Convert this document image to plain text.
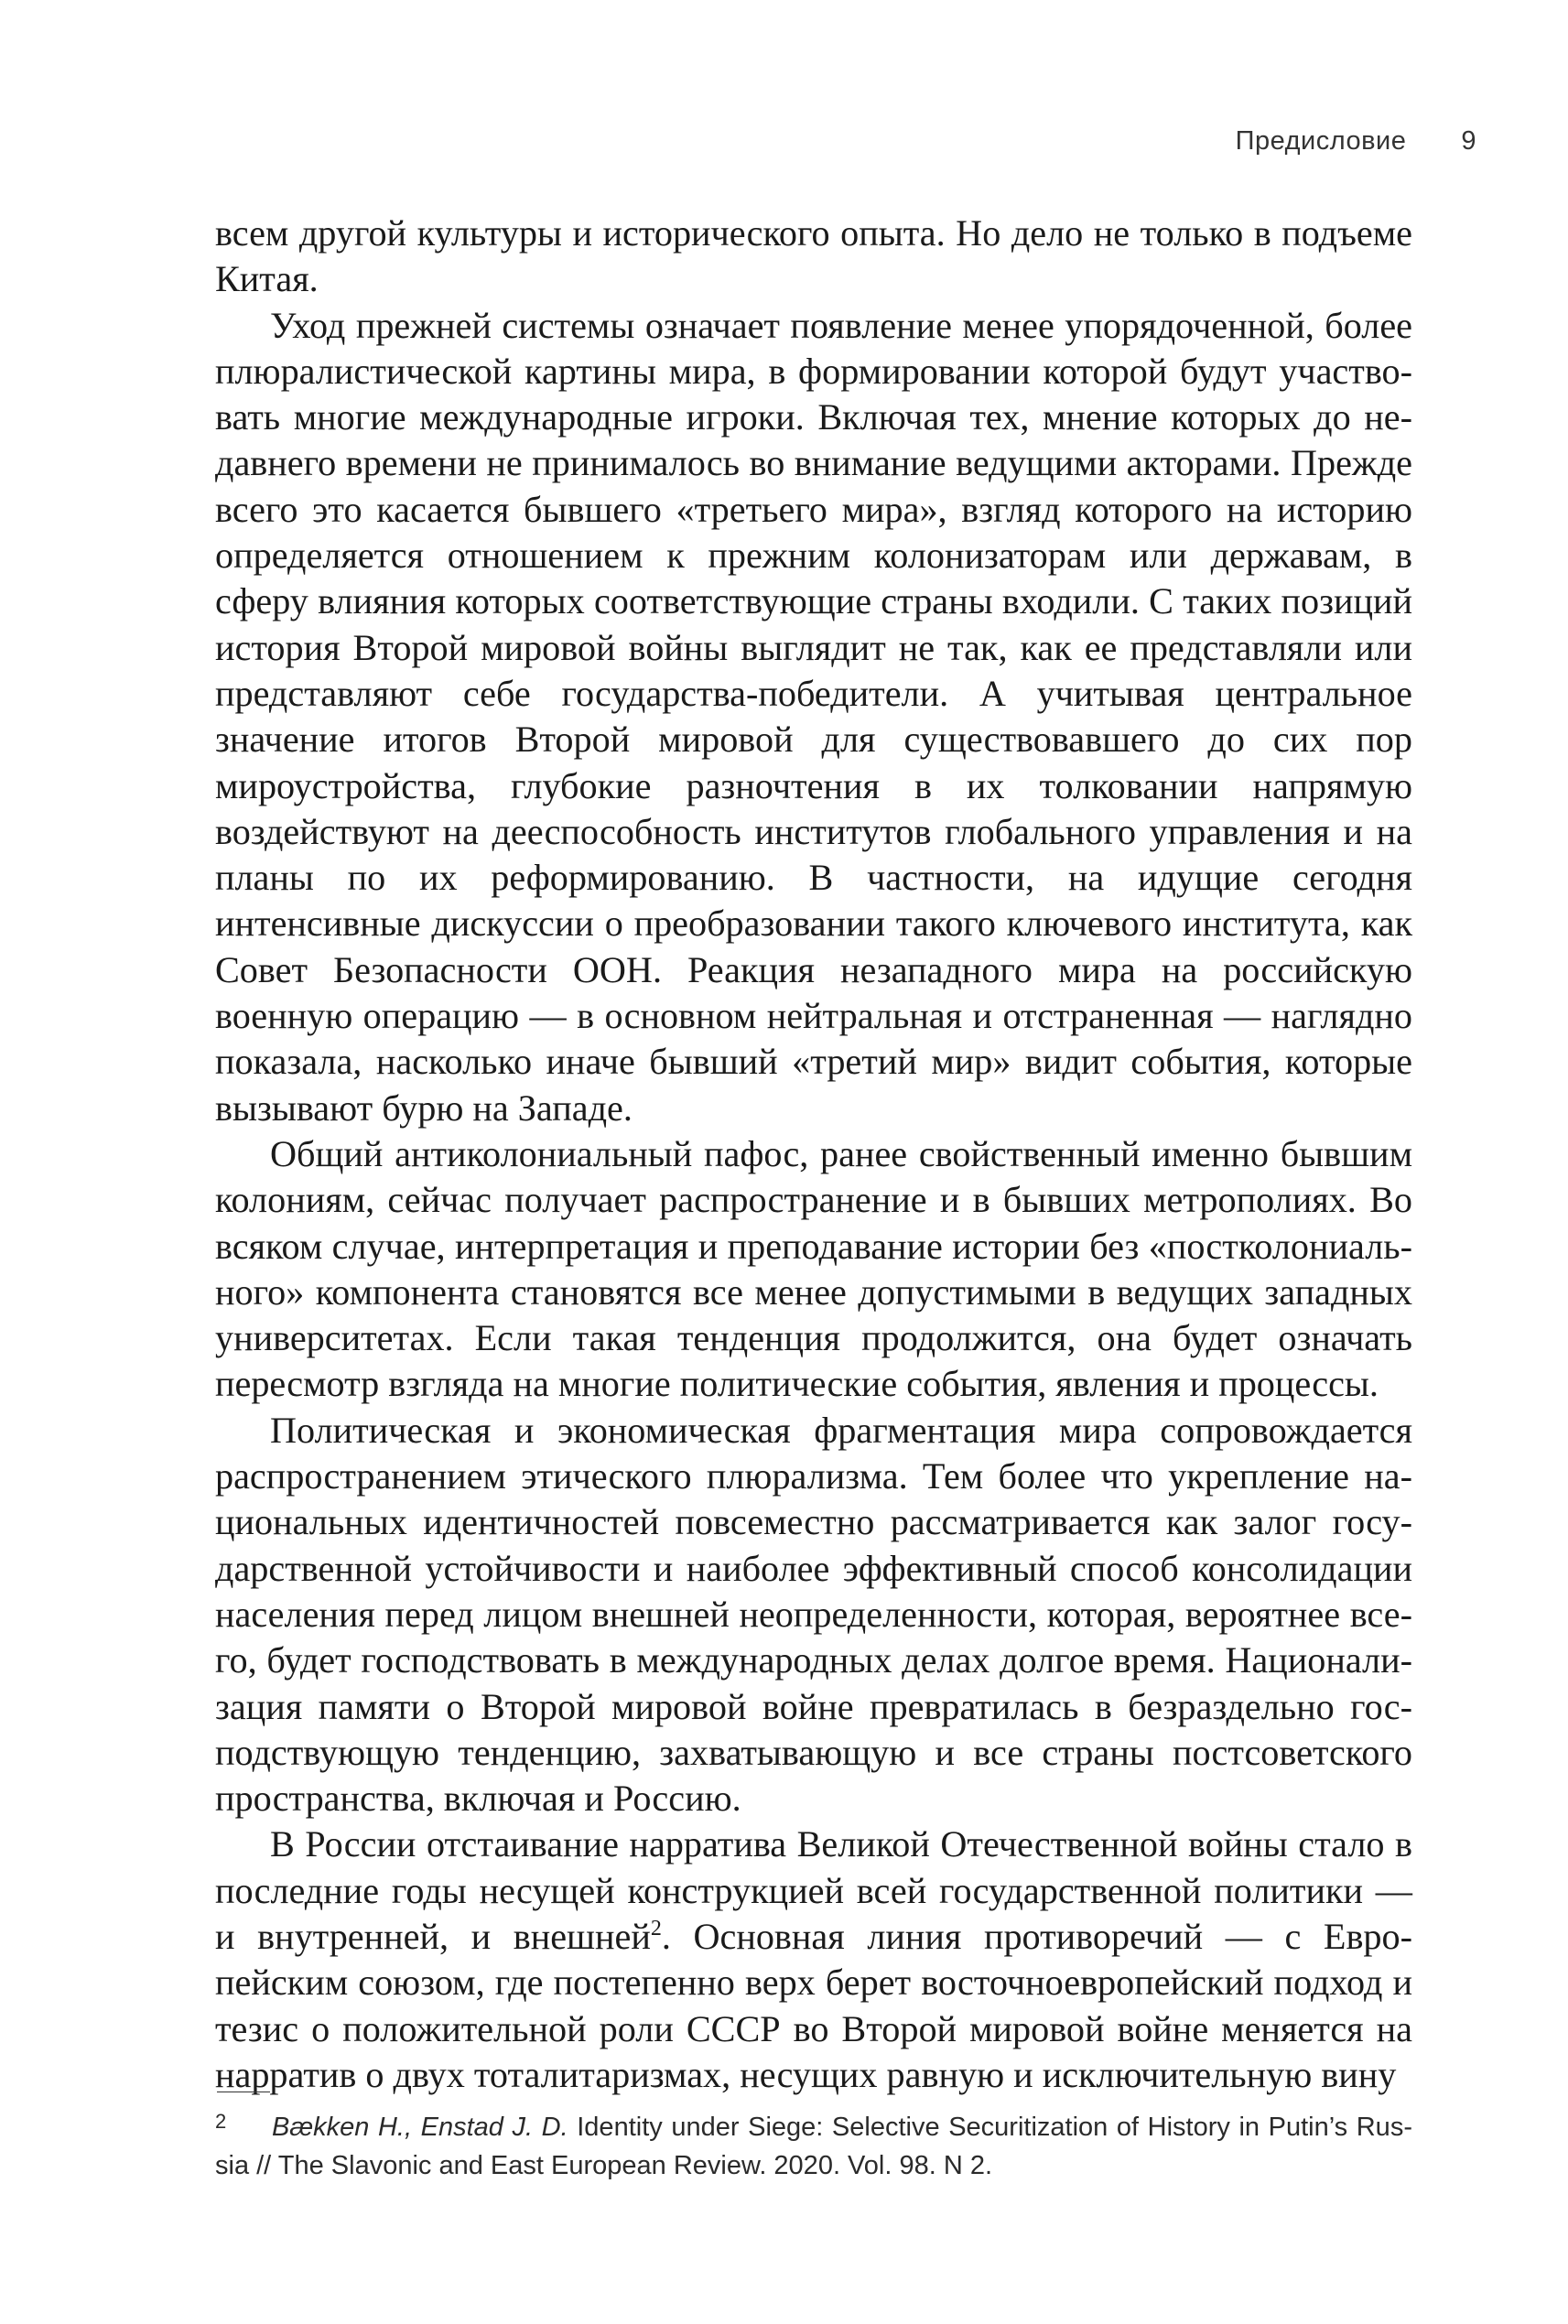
Предисловие 9

всем другой культуры и исторического опыта. Но дело не только в подъеме Китая.

Уход прежней системы означает появление менее упорядоченной, более плюралистической картины мира, в формировании которой будут участвовать многие международные игроки. Включая тех, мнение которых до недавнего времени не принималось во внимание ведущими акторами. Прежде всего это касается бывшего «третьего мира», взгляд которого на историю определяется отношением к прежним колонизаторам или державам, в сферу влияния которых соответствующие страны входили. С таких позиций история Второй мировой войны выглядит не так, как ее представляли или представляют себе государства-победители. А учитывая центральное значение итогов Второй мировой для существовавшего до сих пор мироустройства, глубокие разночтения в их толковании напрямую воздействуют на дееспособность институтов глобального управления и на планы по их реформированию. В частности, на идущие сегодня интенсивные дискуссии о преобразовании такого ключевого института, как Совет Безопасности ООН. Реакция незападного мира на российскую военную операцию — в основном нейтральная и отстраненная — наглядно показала, насколько иначе бывший «третий мир» видит события, которые вызывают бурю на Западе.

Общий антиколониальный пафос, ранее свойственный именно бывшим колониям, сейчас получает распространение и в бывших метрополиях. Во всяком случае, интерпретация и преподавание истории без «постколониального» компонента становятся все менее допустимыми в ведущих западных университетах. Если такая тенденция продолжится, она будет означать пересмотр взгляда на многие политические события, явления и процессы.

Политическая и экономическая фрагментация мира сопровождается распространением этического плюрализма. Тем более что укрепление национальных идентичностей повсеместно рассматривается как залог государственной устойчивости и наиболее эффективный способ консолидации населения перед лицом внешней неопределенности, которая, вероятнее всего, будет господствовать в международных делах долгое время. Национализация памяти о Второй мировой войне превратилась в безраздельно господствующую тенденцию, захватывающую и все страны постсоветского пространства, включая и Россию.

В России отстаивание нарратива Великой Отечественной войны стало в последние годы несущей конструкцией всей государственной политики — и внутренней, и внешней$^2$. Основная линия противоречий — с Европейским союзом, где постепенно верх берет восточноевропейский подход и тезис о положительной роли СССР во Второй мировой войне меняется на нарратив о двух тоталитаризмах, несущих равную и исключительную вину

2 Bækken H., Enstad J. D. Identity under Siege: Selective Securitization of History in Putin’s Russia // The Slavonic and East European Review. 2020. Vol. 98. N 2.
